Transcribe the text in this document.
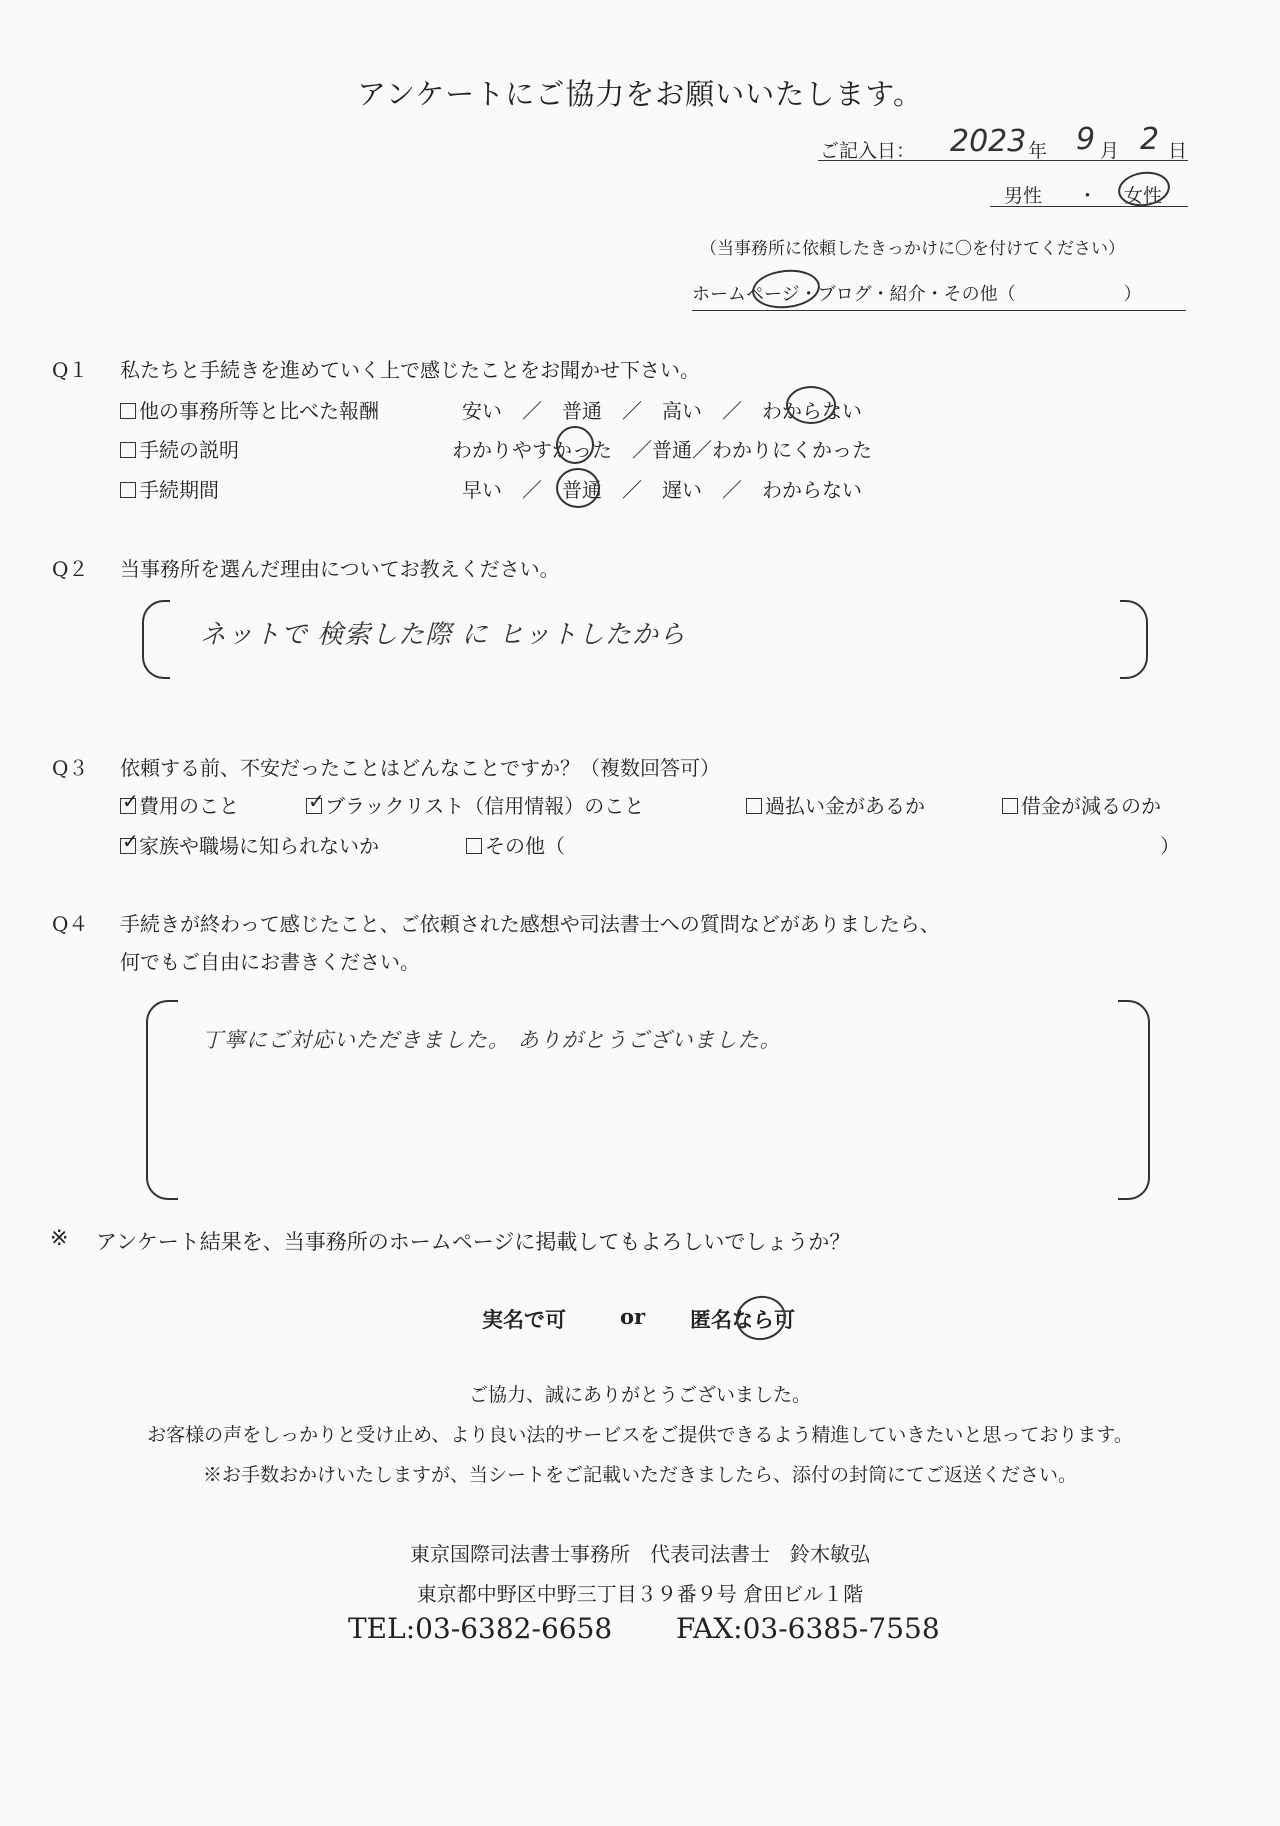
アンケートにご協力をお願いいたします。
ご記入日： 2023 年 9 月 2 日
男性 ・ 女性
（当事務所に依頼したきっかけに〇を付けてください）
ホームページ・ブログ・紹介・その他（　　　　　　）
Q１ 私たちと手続きを進めていく上で感じたことをお聞かせ下さい。
他の事務所等と比べた報酬	安い　／　普通　／　高い　／　わからない
手続の説明	わかりやすかった　／普通／わかりにくかった
手続期間	早い　／　普通　／　遅い　／　わからない
Q２ 当事務所を選んだ理由についてお教えください。
ネットで 検索した際 に ヒットしたから
Q３ 依頼する前、不安だったことはどんなことですか？（複数回答可）
✓費用のこと ✓	ブラックリスト（信用情報）のこと	過払い金があるか	借金が減るのか
✓家族や職場に知られないか	その他（	）
Q４ 手続きが終わって感じたこと、ご依頼された感想や司法書士への質問などがありましたら、
何でもご自由にお書きください。
丁寧にご対応いただきました。 ありがとうございました。
※ アンケート結果を、当事務所のホームページに掲載してもよろしいでしょうか？
実名で可	or 匿名なら可
ご協力、誠にありがとうございました。
お客様の声をしっかりと受け止め、より良い法的サービスをご提供できるよう精進していきたいと思っております。
※お手数おかけいたしますが、当シートをご記載いただきましたら、添付の封筒にてご返送ください。
東京国際司法書士事務所　代表司法書士　鈴木敏弘
東京都中野区中野三丁目３９番９号 倉田ビル１階
TEL:03-6382-6658 FAX:03-6385-7558
